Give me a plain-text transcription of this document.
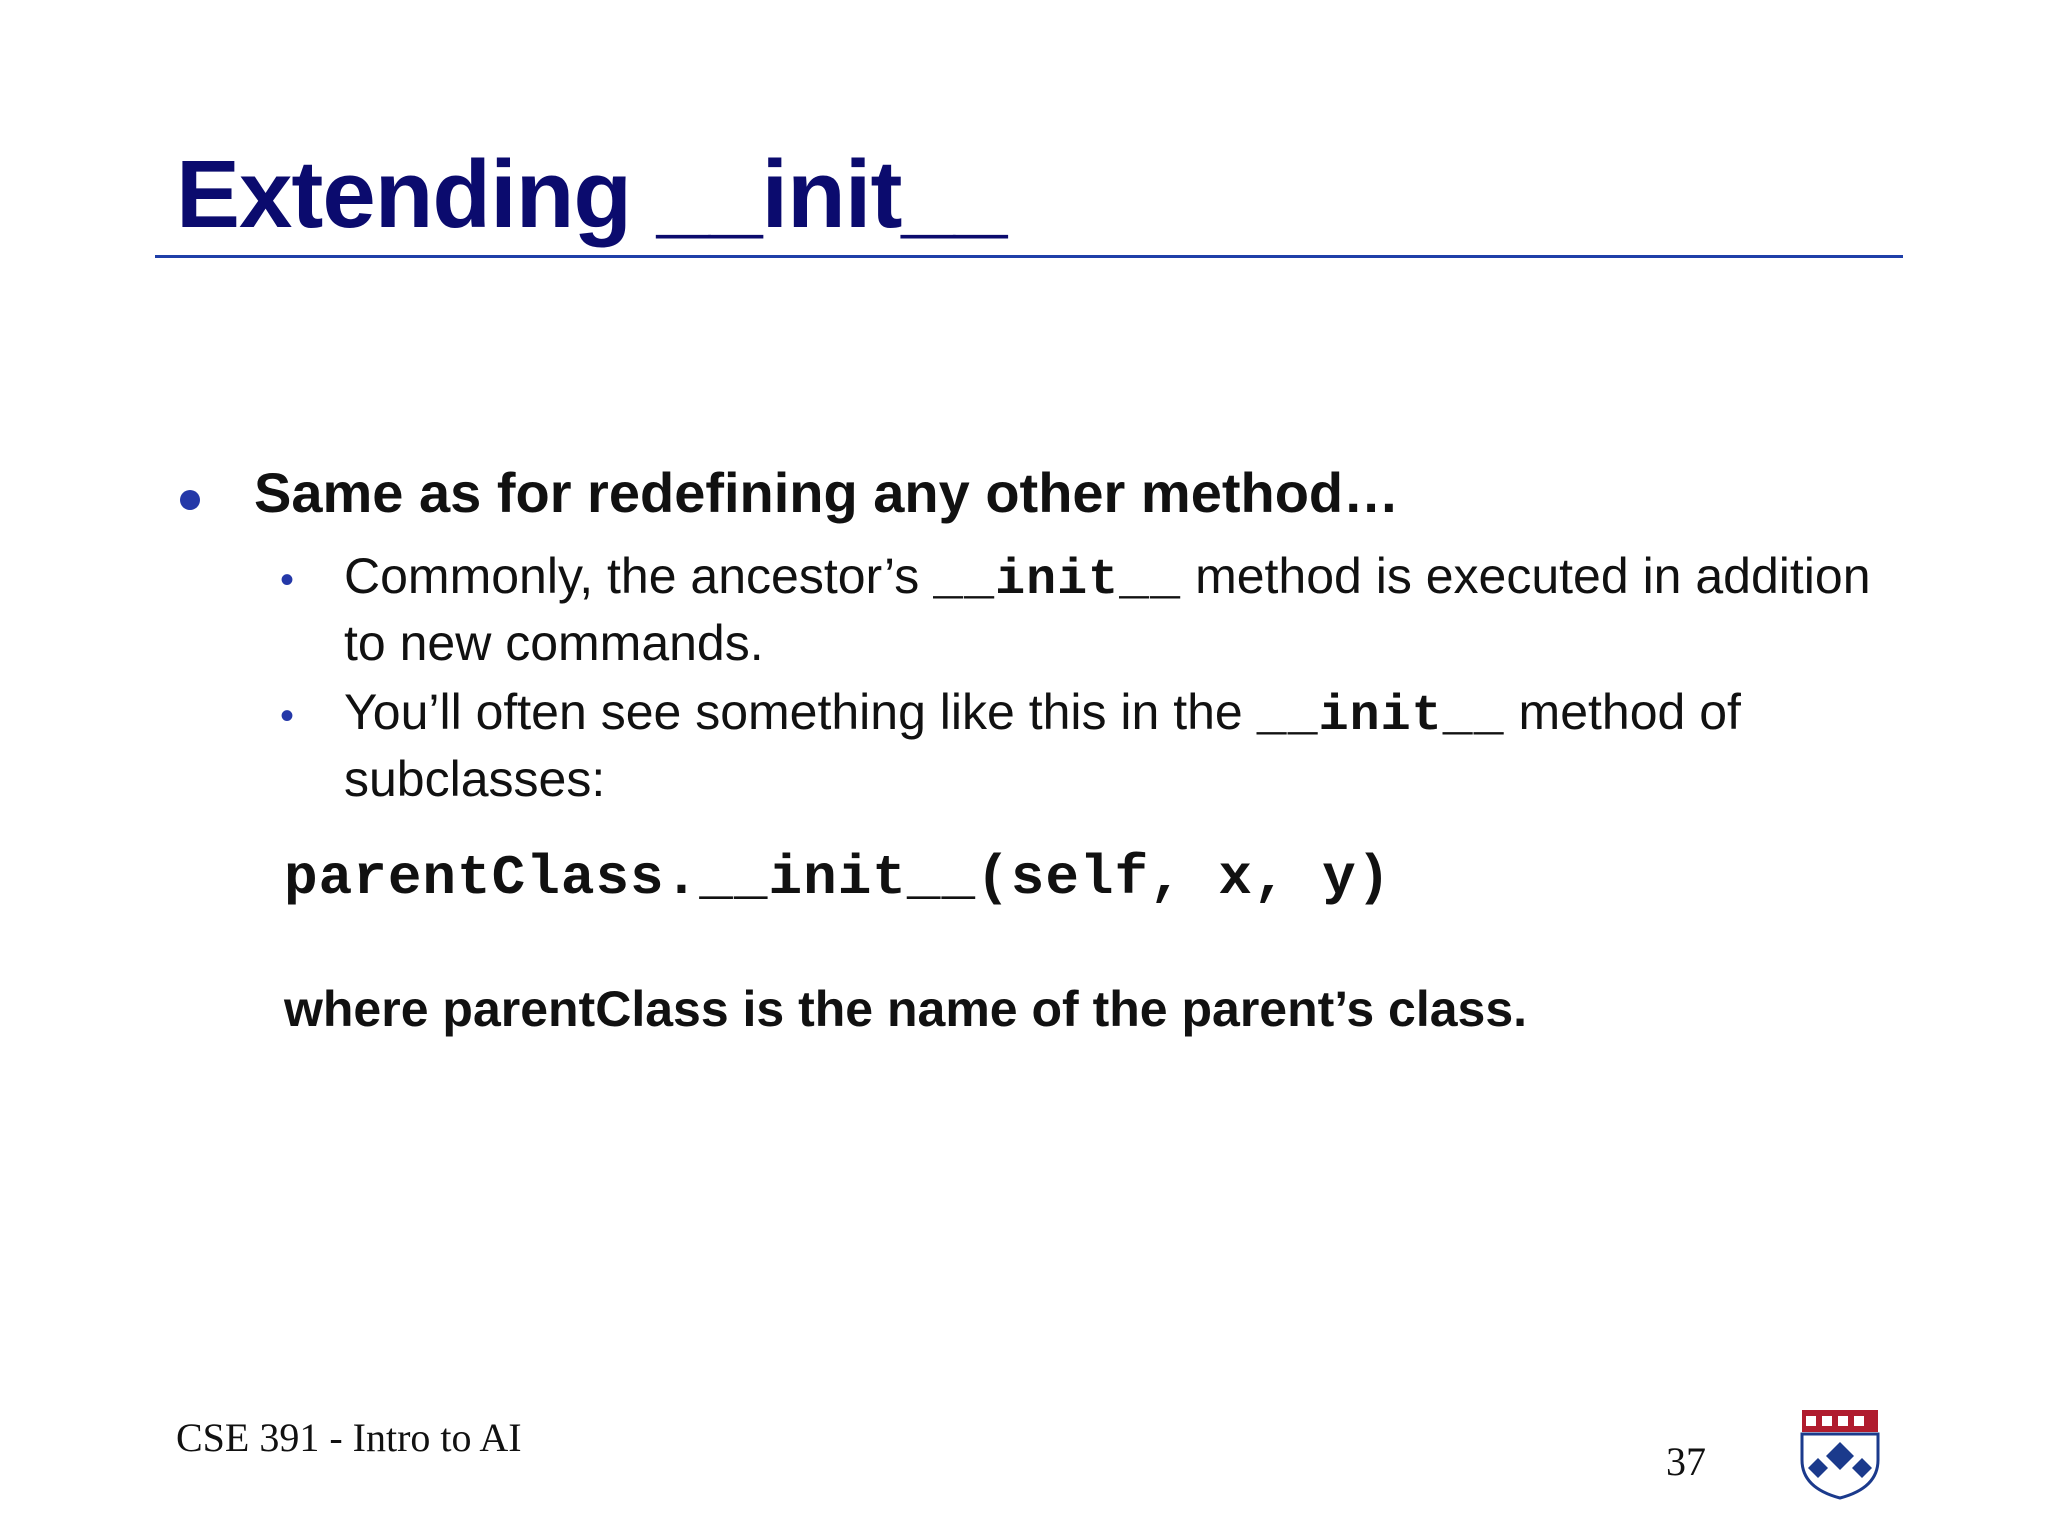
Extending __init__
Same as for redefining any other method…
• Commonly, the ancestor’s __init__ method is executed in addition to new commands.
• You’ll often see something like this in the __init__ method of subclasses:
parentClass.__init__(self, x, y)
where parentClass is the name of the parent’s class.
CSE 391 - Intro to AI
37
